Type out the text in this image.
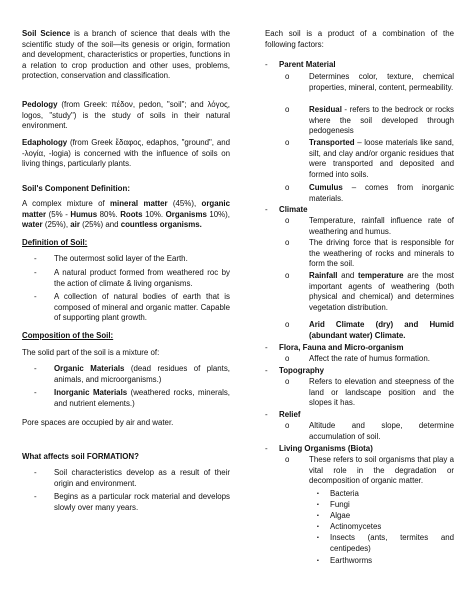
Soil Science is a branch of science that deals with the scientific study of the soil—its genesis or origin, formation and development, characteristics or properties, functions in a relation to crop production and other uses, problems, protection, conservation and classification.

Pedology (from Greek: πέδον, pedon, "soil"; and λόγος, logos, "study") is the study of soils in their natural environment.

Edaphology (from Greek ἔδαφος, edaphos, "ground", and -λογία, -logia) is concerned with the influence of soils on living things, particularly plants.

Soil's Component Definition:

A complex mixture of mineral matter (45%), organic matter (5% - Humus 80%. Roots 10%. Organisms 10%), water (25%), air (25%) and countless organisms.

Definition of Soil:

-	The outermost solid layer of the Earth.
-	A natural product formed from weathered roc by the action of climate & living organisms.
-	A collection of natural bodies of earth that is composed of mineral and organic matter. Capable of supporting plant growth.

Composition of the Soil:

The solid part of the soil is a mixture of:

-	Organic Materials (dead residues of plants, animals, and microorganisms.)
-	Inorganic Materials (weathered rocks, minerals, and nutrient elements.)

Pore spaces are occupied by air and water.

What affects soil FORMATION?

-	Soil characteristics develop as a result of their origin and environment.
-	Begins as a particular rock material and develops slowly over many years.

Each soil is a product of a combination of the following factors:

-	Parent Material
o	Determines color, texture, chemical properties, mineral, content, permeability.
o	Residual - refers to the bedrock or rocks where the soil developed through pedogenesis
o	Transported – loose materials like sand, silt, and clay and/or organic residues that were transported and deposited and formed into soils.
o	Cumulus – comes from inorganic materials.
-	Climate
o	Temperature, rainfall influence rate of weathering and humus.
o	The driving force that is responsible for the weathering of rocks and minerals to form the soil.
o	Rainfall and temperature are the most important agents of weathering (both physical and chemical) and determines vegetation distribution.
o	Arid Climate (dry) and Humid (abundant water) Climate.
-	Flora, Fauna and Micro-organism
o	Affect the rate of humus formation.
-	Topography
o	Refers to elevation and steepness of the land or landscape position and the slopes it has.
-	Relief
o	Altitude and slope, determine accumulation of soil.
-	Living Organisms (Biota)
o	These refers to soil organisms that play a vital role in the degradation or decomposition of organic matter.
▪	Bacteria
▪	Fungi
▪	Algae
▪	Actinomycetes
▪	Insects (ants, termites and centipedes)
▪	Earthworms
